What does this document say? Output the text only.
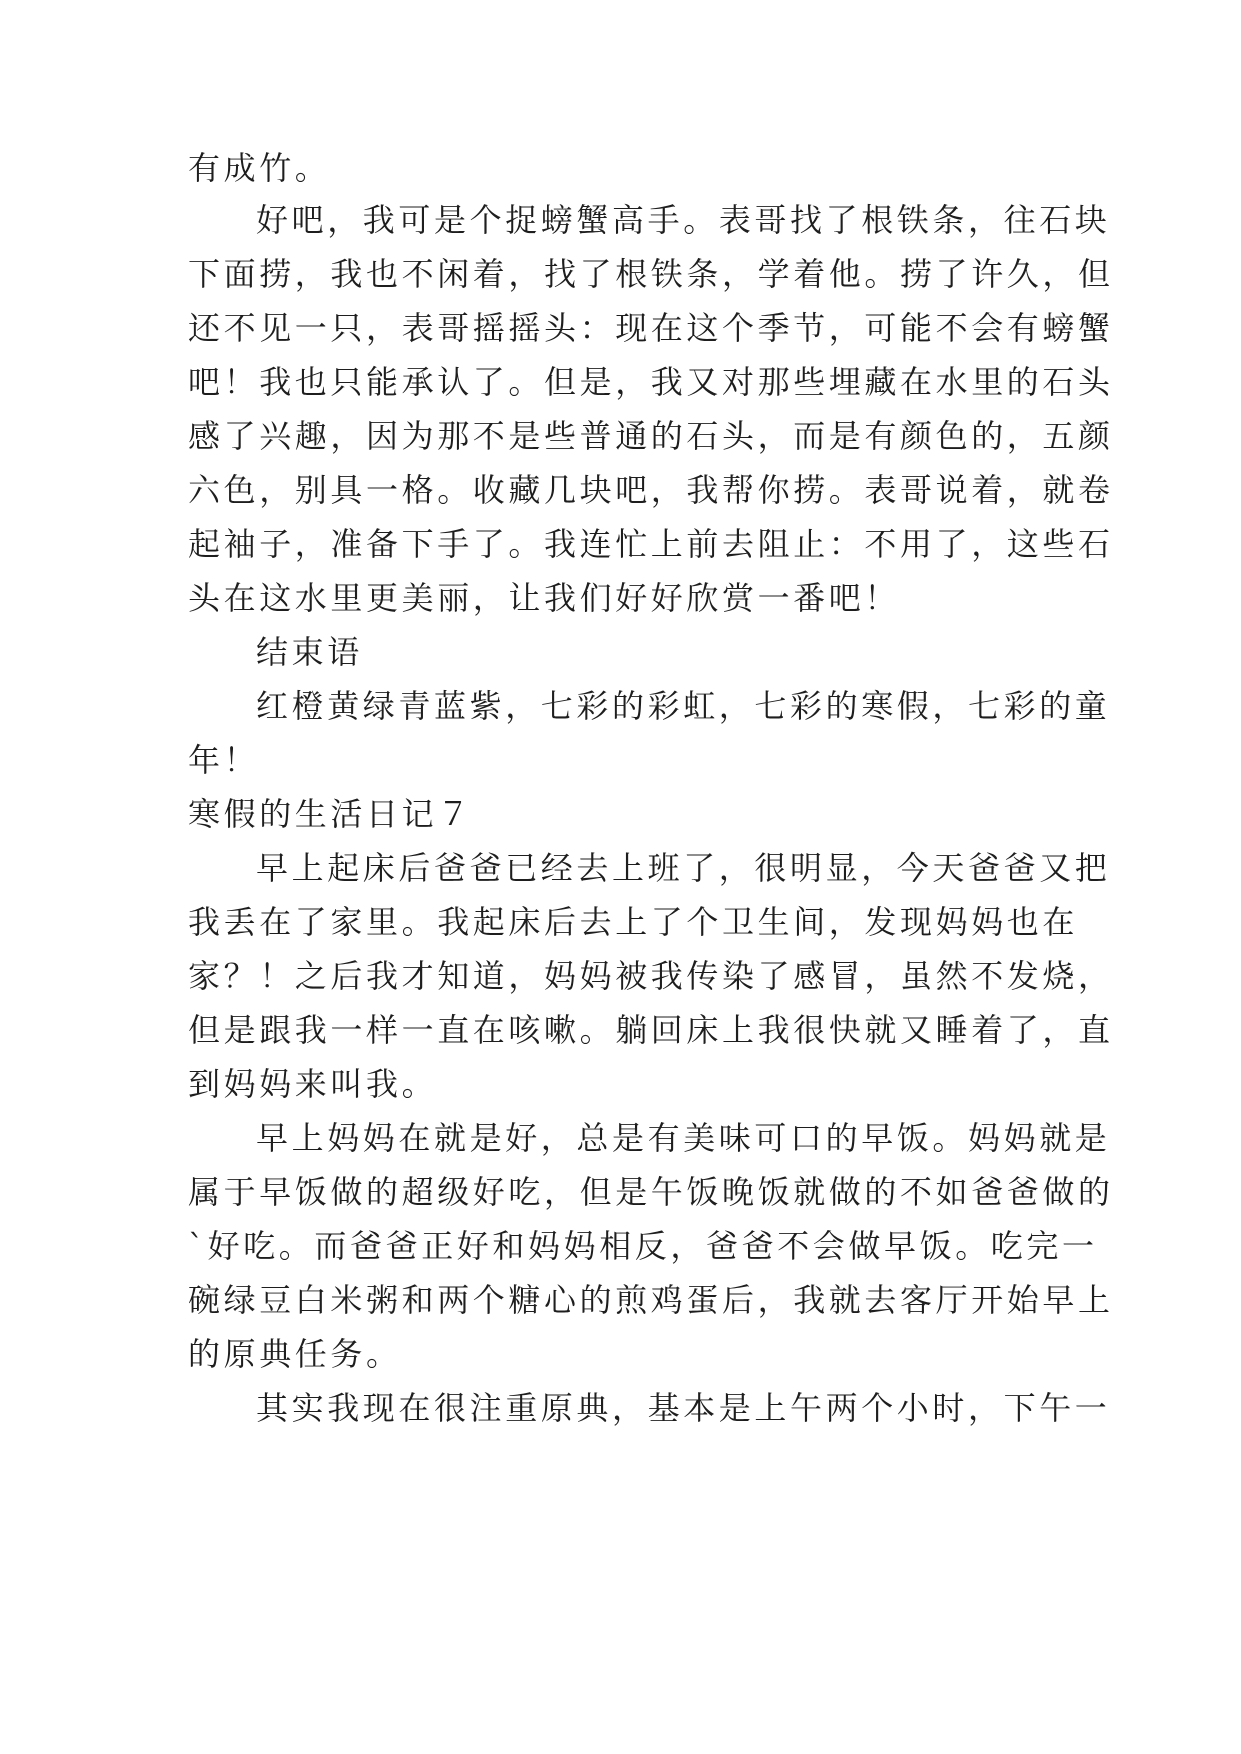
有成竹。

好吧，我可是个捉螃蟹高手。表哥找了根铁条，往石块

下面捞，我也不闲着，找了根铁条，学着他。捞了许久，但

还不见一只，表哥摇摇头：现在这个季节，可能不会有螃蟹

吧！我也只能承认了。但是，我又对那些埋藏在水里的石头

感了兴趣，因为那不是些普通的石头，而是有颜色的，五颜

六色，别具一格。收藏几块吧，我帮你捞。表哥说着，就卷

起袖子，准备下手了。我连忙上前去阻止：不用了，这些石

头在这水里更美丽，让我们好好欣赏一番吧！

结束语

红橙黄绿青蓝紫，七彩的彩虹，七彩的寒假，七彩的童

年！

寒假的生活日记７

早上起床后爸爸已经去上班了，很明显，今天爸爸又把

我丢在了家里。我起床后去上了个卫生间，发现妈妈也在

家？！之后我才知道，妈妈被我传染了感冒，虽然不发烧，

但是跟我一样一直在咳嗽。躺回床上我很快就又睡着了，直

到妈妈来叫我。

早上妈妈在就是好，总是有美味可口的早饭。妈妈就是

属于早饭做的超级好吃，但是午饭晚饭就做的不如爸爸做的

`好吃。而爸爸正好和妈妈相反，爸爸不会做早饭。吃完一

碗绿豆白米粥和两个糖心的煎鸡蛋后，我就去客厅开始早上

的原典任务。

其实我现在很注重原典，基本是上午两个小时，下午一
